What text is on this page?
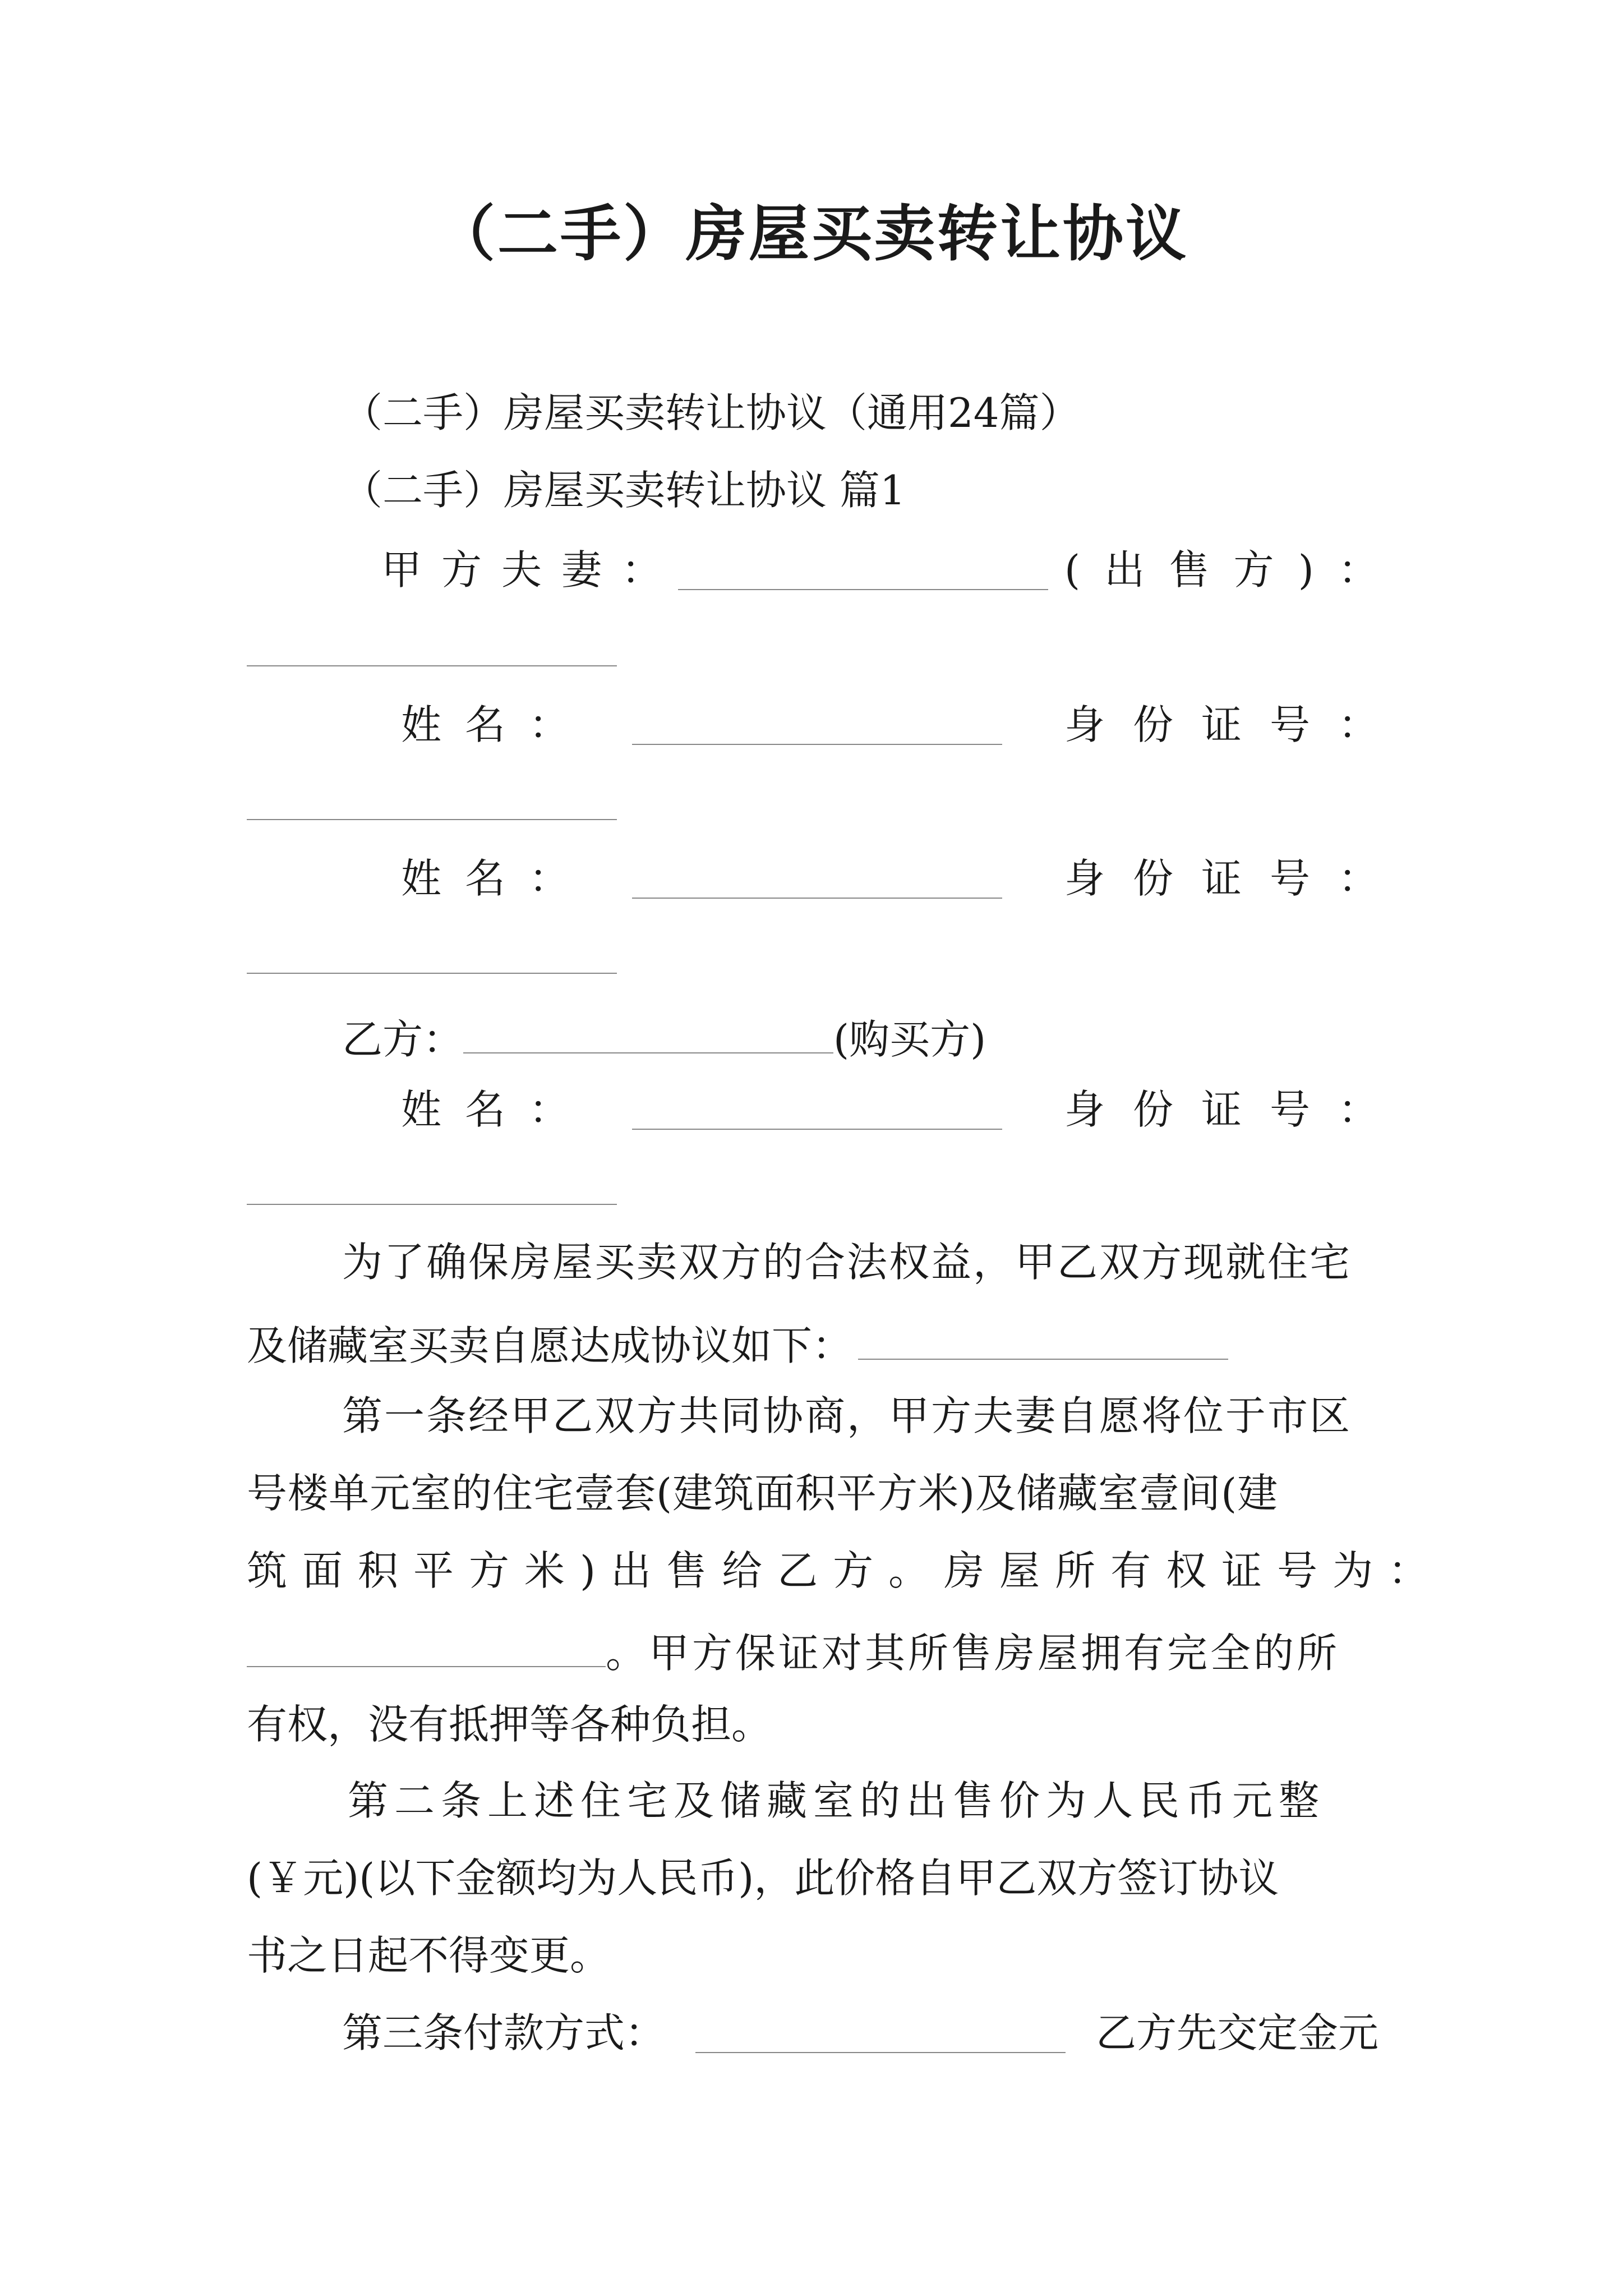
（二手）房屋买卖转让协议
（二手）房屋买卖转让协议（通用24篇）
（二手）房屋买卖转让协议 篇1
甲 方 夫 妻 ：	( 出 售 方 ) ：
姓 名 ：	身 份 证 号 ：
姓 名 ：	身 份 证 号 ：
乙方：	(购买方)
姓 名 ：	身 份 证 号 ：
为了确保房屋买卖双方的合法权益，甲乙双方现就住宅
及储藏室买卖自愿达成协议如下：
第一条经甲乙双方共同协商，甲方夫妻自愿将位于市区
号楼单元室的住宅壹套(建筑面积平方米)及储藏室壹间(建
筑面积平方米)出售给乙方。房屋所有权证号为：
。甲方保证对其所售房屋拥有完全的所
有权，没有抵押等各种负担。
第二条上述住宅及储藏室的出售价为人民币元整
(￥元)(以下金额均为人民币)，此价格自甲乙双方签订协议
书之日起不得变更。
第三条付款方式：	乙方先交定金元
